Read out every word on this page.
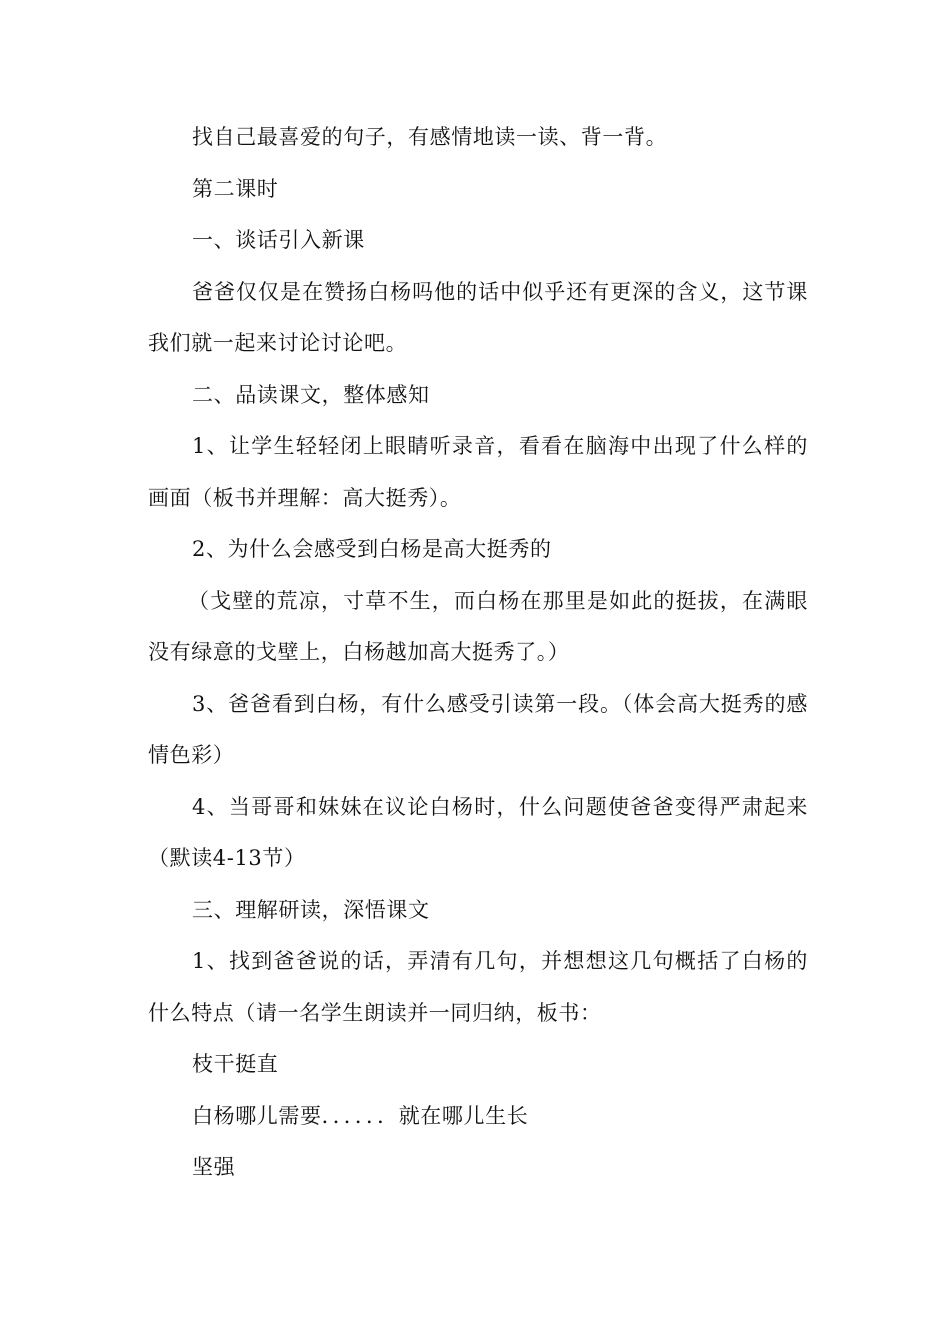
找自己最喜爱的句子，有感情地读一读、背一背。

第二课时

一、谈话引入新课

爸爸仅仅是在赞扬白杨吗他的话中似乎还有更深的含义，这节课我们就一起来讨论讨论吧。

二、品读课文，整体感知

1、让学生轻轻闭上眼睛听录音，看看在脑海中出现了什么样的画面（板书并理解：高大挺秀）。

2、为什么会感受到白杨是高大挺秀的

（戈壁的荒凉，寸草不生，而白杨在那里是如此的挺拔，在满眼没有绿意的戈壁上，白杨越加高大挺秀了。）

3、爸爸看到白杨，有什么感受引读第一段。（体会高大挺秀的感情色彩）

4、当哥哥和妹妹在议论白杨时，什么问题使爸爸变得严肃起来（默读4-13节）

三、理解研读，深悟课文

1、找到爸爸说的话，弄清有几句，并想想这几句概括了白杨的什么特点（请一名学生朗读并一同归纳，板书：

枝干挺直

白杨哪儿需要．．．．．．就在哪儿生长

坚强
